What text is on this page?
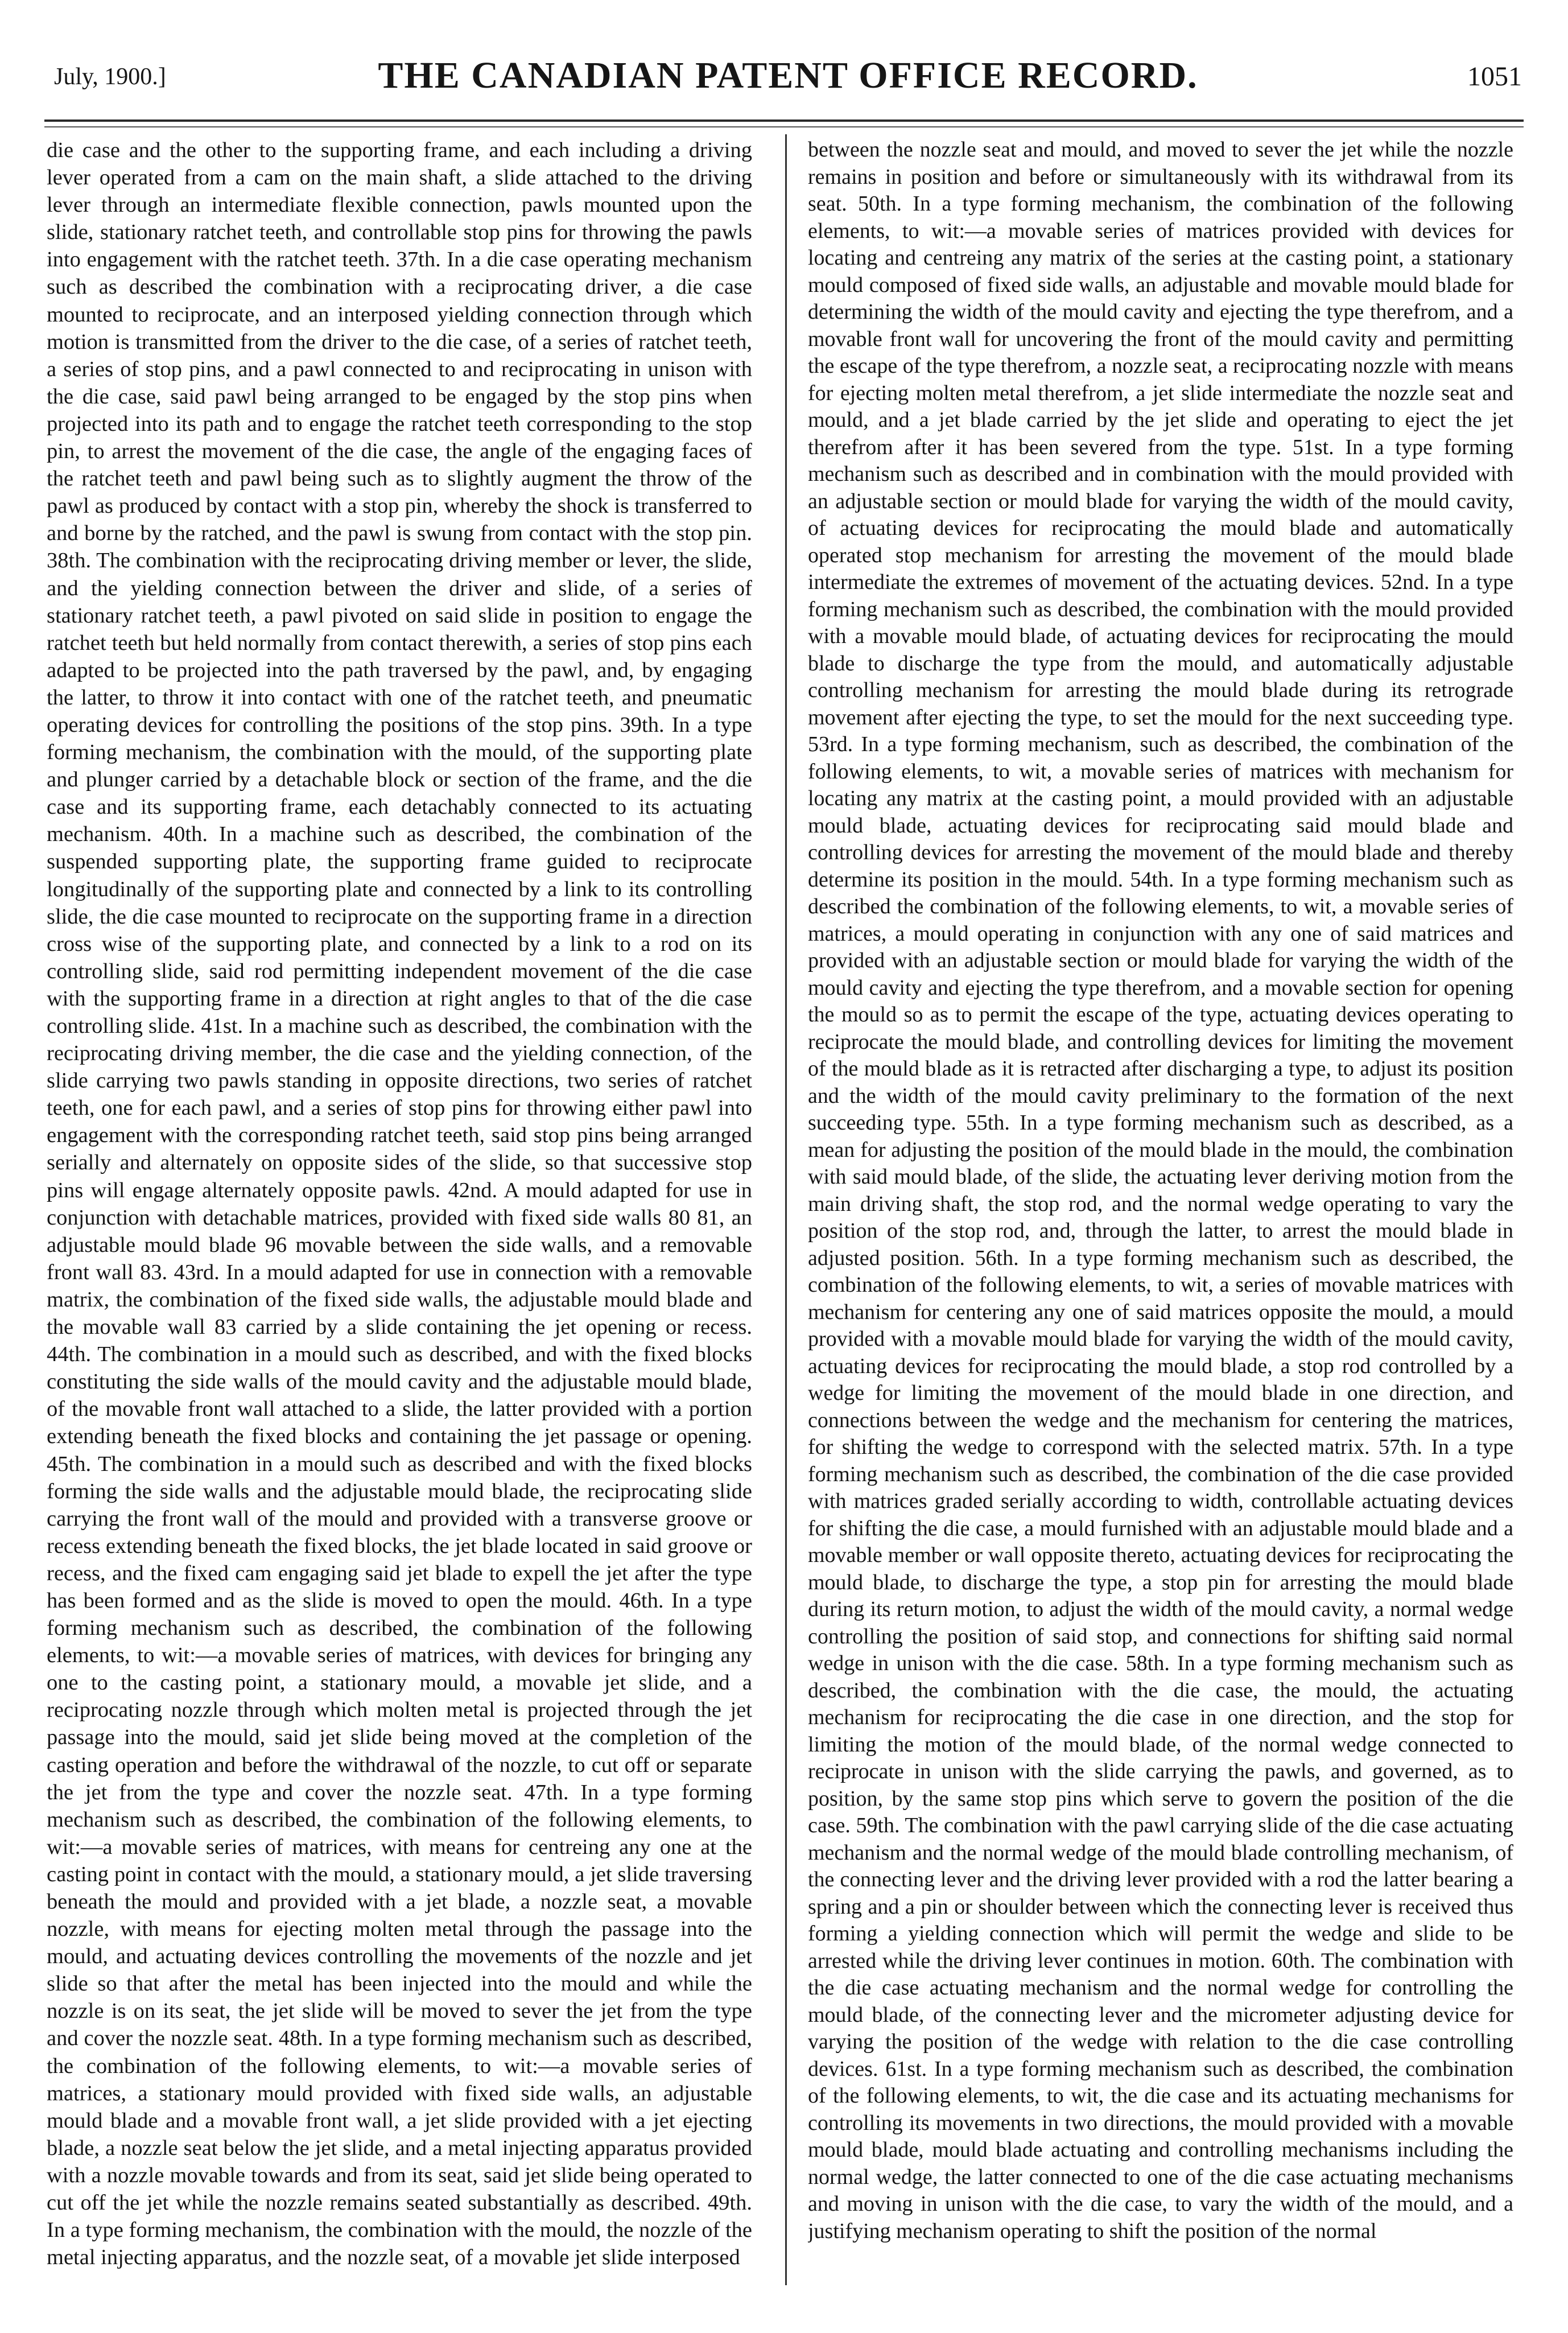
July, 1900.]	THE CANADIAN PATENT OFFICE RECORD.	1051

die case and the other to the supporting frame, and each including a driving lever operated from a cam on the main shaft, a slide attached to the driving lever through an intermediate flexible connection, pawls mounted upon the slide, stationary ratchet teeth, and controllable stop pins for throwing the pawls into engagement with the ratchet teeth. 37th. In a die case operating mechanism such as described the combination with a reciprocating driver, a die case mounted to reciprocate, and an interposed yielding connection through which motion is transmitted from the driver to the die case, of a series of ratchet teeth, a series of stop pins, and a pawl connected to and reciprocating in unison with the die case, said pawl being arranged to be engaged by the stop pins when projected into its path and to engage the ratchet teeth corresponding to the stop pin, to arrest the movement of the die case, the angle of the engaging faces of the ratchet teeth and pawl being such as to slightly augment the throw of the pawl as produced by contact with a stop pin, whereby the shock is transferred to and borne by the ratched, and the pawl is swung from contact with the stop pin. 38th. The combination with the reciprocating driving member or lever, the slide, and the yielding connection between the driver and slide, of a series of stationary ratchet teeth, a pawl pivoted on said slide in position to engage the ratchet teeth but held normally from contact therewith, a series of stop pins each adapted to be projected into the path traversed by the pawl, and, by engaging the latter, to throw it into contact with one of the ratchet teeth, and pneumatic operating devices for controlling the positions of the stop pins. 39th. In a type forming mechanism, the combination with the mould, of the supporting plate and plunger carried by a detachable block or section of the frame, and the die case and its supporting frame, each detachably connected to its actuating mechanism. 40th. In a machine such as described, the combination of the suspended supporting plate, the supporting frame guided to reciprocate longitudinally of the supporting plate and connected by a link to its controlling slide, the die case mounted to reciprocate on the supporting frame in a direction cross wise of the supporting plate, and connected by a link to a rod on its controlling slide, said rod permitting independent movement of the die case with the supporting frame in a direction at right angles to that of the die case controlling slide. 41st. In a machine such as described, the combination with the reciprocating driving member, the die case and the yielding connection, of the slide carrying two pawls standing in opposite directions, two series of ratchet teeth, one for each pawl, and a series of stop pins for throwing either pawl into engagement with the corresponding ratchet teeth, said stop pins being arranged serially and alternately on opposite sides of the slide, so that successive stop pins will engage alternately opposite pawls. 42nd. A mould adapted for use in conjunction with detachable matrices, provided with fixed side walls 80 81, an adjustable mould blade 96 movable between the side walls, and a removable front wall 83. 43rd. In a mould adapted for use in connection with a removable matrix, the combination of the fixed side walls, the adjustable mould blade and the movable wall 83 carried by a slide containing the jet opening or recess. 44th. The combination in a mould such as described, and with the fixed blocks constituting the side walls of the mould cavity and the adjustable mould blade, of the movable front wall attached to a slide, the latter provided with a portion extending beneath the fixed blocks and containing the jet passage or opening. 45th. The combination in a mould such as described and with the fixed blocks forming the side walls and the adjustable mould blade, the reciprocating slide carrying the front wall of the mould and provided with a transverse groove or recess extending beneath the fixed blocks, the jet blade located in said groove or recess, and the fixed cam engaging said jet blade to expell the jet after the type has been formed and as the slide is moved to open the mould. 46th. In a type forming mechanism such as described, the combination of the following elements, to wit:—a movable series of matrices, with devices for bringing any one to the casting point, a stationary mould, a movable jet slide, and a reciprocating nozzle through which molten metal is projected through the jet passage into the mould, said jet slide being moved at the completion of the casting operation and before the withdrawal of the nozzle, to cut off or separate the jet from the type and cover the nozzle seat. 47th. In a type forming mechanism such as described, the combination of the following elements, to wit:—a movable series of matrices, with means for centreing any one at the casting point in contact with the mould, a stationary mould, a jet slide traversing beneath the mould and provided with a jet blade, a nozzle seat, a movable nozzle, with means for ejecting molten metal through the passage into the mould, and actuating devices controlling the movements of the nozzle and jet slide so that after the metal has been injected into the mould and while the nozzle is on its seat, the jet slide will be moved to sever the jet from the type and cover the nozzle seat. 48th. In a type forming mechanism such as described, the combination of the following elements, to wit:—a movable series of matrices, a stationary mould provided with fixed side walls, an adjustable mould blade and a movable front wall, a jet slide provided with a jet ejecting blade, a nozzle seat below the jet slide, and a metal injecting apparatus provided with a nozzle movable towards and from its seat, said jet slide being operated to cut off the jet while the nozzle remains seated substantially as described. 49th. In a type forming mechanism, the combination with the mould, the nozzle of the metal injecting apparatus, and the nozzle seat, of a movable jet slide interposed

between the nozzle seat and mould, and moved to sever the jet while the nozzle remains in position and before or simultaneously with its withdrawal from its seat. 50th. In a type forming mechanism, the combination of the following elements, to wit:—a movable series of matrices provided with devices for locating and centreing any matrix of the series at the casting point, a stationary mould composed of fixed side walls, an adjustable and movable mould blade for determining the width of the mould cavity and ejecting the type therefrom, and a movable front wall for uncovering the front of the mould cavity and permitting the escape of the type therefrom, a nozzle seat, a reciprocating nozzle with means for ejecting molten metal therefrom, a jet slide intermediate the nozzle seat and mould, and a jet blade carried by the jet slide and operating to eject the jet therefrom after it has been severed from the type. 51st. In a type forming mechanism such as described and in combination with the mould provided with an adjustable section or mould blade for varying the width of the mould cavity, of actuating devices for reciprocating the mould blade and automatically operated stop mechanism for arresting the movement of the mould blade intermediate the extremes of movement of the actuating devices. 52nd. In a type forming mechanism such as described, the combination with the mould provided with a movable mould blade, of actuating devices for reciprocating the mould blade to discharge the type from the mould, and automatically adjustable controlling mechanism for arresting the mould blade during its retrograde movement after ejecting the type, to set the mould for the next succeeding type. 53rd. In a type forming mechanism, such as described, the combination of the following elements, to wit, a movable series of matrices with mechanism for locating any matrix at the casting point, a mould provided with an adjustable mould blade, actuating devices for reciprocating said mould blade and controlling devices for arresting the movement of the mould blade and thereby determine its position in the mould. 54th. In a type forming mechanism such as described the combination of the following elements, to wit, a movable series of matrices, a mould operating in conjunction with any one of said matrices and provided with an adjustable section or mould blade for varying the width of the mould cavity and ejecting the type therefrom, and a movable section for opening the mould so as to permit the escape of the type, actuating devices operating to reciprocate the mould blade, and controlling devices for limiting the movement of the mould blade as it is retracted after discharging a type, to adjust its position and the width of the mould cavity preliminary to the formation of the next succeeding type. 55th. In a type forming mechanism such as described, as a mean for adjusting the position of the mould blade in the mould, the combination with said mould blade, of the slide, the actuating lever deriving motion from the main driving shaft, the stop rod, and the normal wedge operating to vary the position of the stop rod, and, through the latter, to arrest the mould blade in adjusted position. 56th. In a type forming mechanism such as described, the combination of the following elements, to wit, a series of movable matrices with mechanism for centering any one of said matrices opposite the mould, a mould provided with a movable mould blade for varying the width of the mould cavity, actuating devices for reciprocating the mould blade, a stop rod controlled by a wedge for limiting the movement of the mould blade in one direction, and connections between the wedge and the mechanism for centering the matrices, for shifting the wedge to correspond with the selected matrix. 57th. In a type forming mechanism such as described, the combination of the die case provided with matrices graded serially according to width, controllable actuating devices for shifting the die case, a mould furnished with an adjustable mould blade and a movable member or wall opposite thereto, actuating devices for reciprocating the mould blade, to discharge the type, a stop pin for arresting the mould blade during its return motion, to adjust the width of the mould cavity, a normal wedge controlling the position of said stop, and connections for shifting said normal wedge in unison with the die case. 58th. In a type forming mechanism such as described, the combination with the die case, the mould, the actuating mechanism for reciprocating the die case in one direction, and the stop for limiting the motion of the mould blade, of the normal wedge connected to reciprocate in unison with the slide carrying the pawls, and governed, as to position, by the same stop pins which serve to govern the position of the die case. 59th. The combination with the pawl carrying slide of the die case actuating mechanism and the normal wedge of the mould blade controlling mechanism, of the connecting lever and the driving lever provided with a rod the latter bearing a spring and a pin or shoulder between which the connecting lever is received thus forming a yielding connection which will permit the wedge and slide to be arrested while the driving lever continues in motion. 60th. The combination with the die case actuating mechanism and the normal wedge for controlling the mould blade, of the connecting lever and the micrometer adjusting device for varying the position of the wedge with relation to the die case controlling devices. 61st. In a type forming mechanism such as described, the combination of the following elements, to wit, the die case and its actuating mechanisms for controlling its movements in two directions, the mould provided with a movable mould blade, mould blade actuating and controlling mechanisms including the normal wedge, the latter connected to one of the die case actuating mechanisms and moving in unison with the die case, to vary the width of the mould, and a justifying mechanism operating to shift the position of the normal
